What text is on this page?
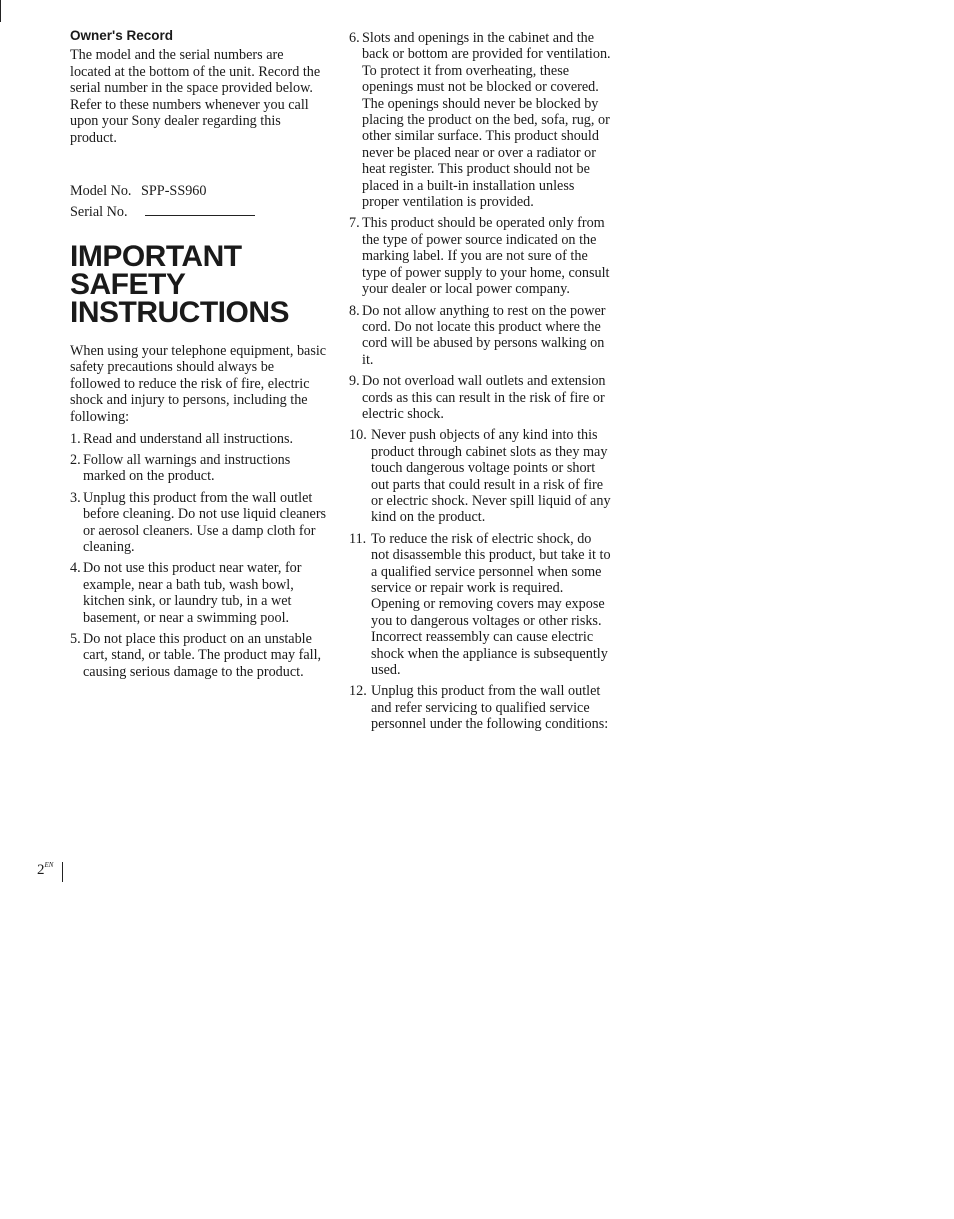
Owner's Record

The model and the serial numbers are located at the bottom of the unit. Record the serial number in the space provided below. Refer to these numbers whenever you call upon your Sony dealer regarding this product.

Model No. SPP-SS960
Serial No.
IMPORTANT
SAFETY
INSTRUCTIONS

When using your telephone equipment, basic safety precautions should always be followed to reduce the risk of fire, electric shock and injury to persons, including the following:

1. Read and understand all instructions.
2. Follow all warnings and instructions marked on the product.
3. Unplug this product from the wall outlet before cleaning. Do not use liquid cleaners or aerosol cleaners. Use a damp cloth for cleaning.
4. Do not use this product near water, for example, near a bath tub, wash bowl, kitchen sink, or laundry tub, in a wet basement, or near a swimming pool.
5. Do not place this product on an unstable cart, stand, or table. The product may fall, causing serious damage to the product.
6. Slots and openings in the cabinet and the back or bottom are provided for ventilation. To protect it from overheating, these openings must not be blocked or covered. The openings should never be blocked by placing the product on the bed, sofa, rug, or other similar surface. This product should never be placed near or over a radiator or heat register. This product should not be placed in a built-in installation unless proper ventilation is provided.
7. This product should be operated only from the type of power source indicated on the marking label. If you are not sure of the type of power supply to your home, consult your dealer or local power company.
8. Do not allow anything to rest on the power cord. Do not locate this product where the cord will be abused by persons walking on it.
9. Do not overload wall outlets and extension cords as this can result in the risk of fire or electric shock.
10. Never push objects of any kind into this product through cabinet slots as they may touch dangerous voltage points or short out parts that could result in a risk of fire or electric shock. Never spill liquid of any kind on the product.
11. To reduce the risk of electric shock, do not disassemble this product, but take it to a qualified service personnel when some service or repair work is required. Opening or removing covers may expose you to dangerous voltages or other risks. Incorrect reassembly can cause electric shock when the appliance is subsequently used.
12. Unplug this product from the wall outlet and refer servicing to qualified service personnel under the following conditions:
$2^{EN}$
